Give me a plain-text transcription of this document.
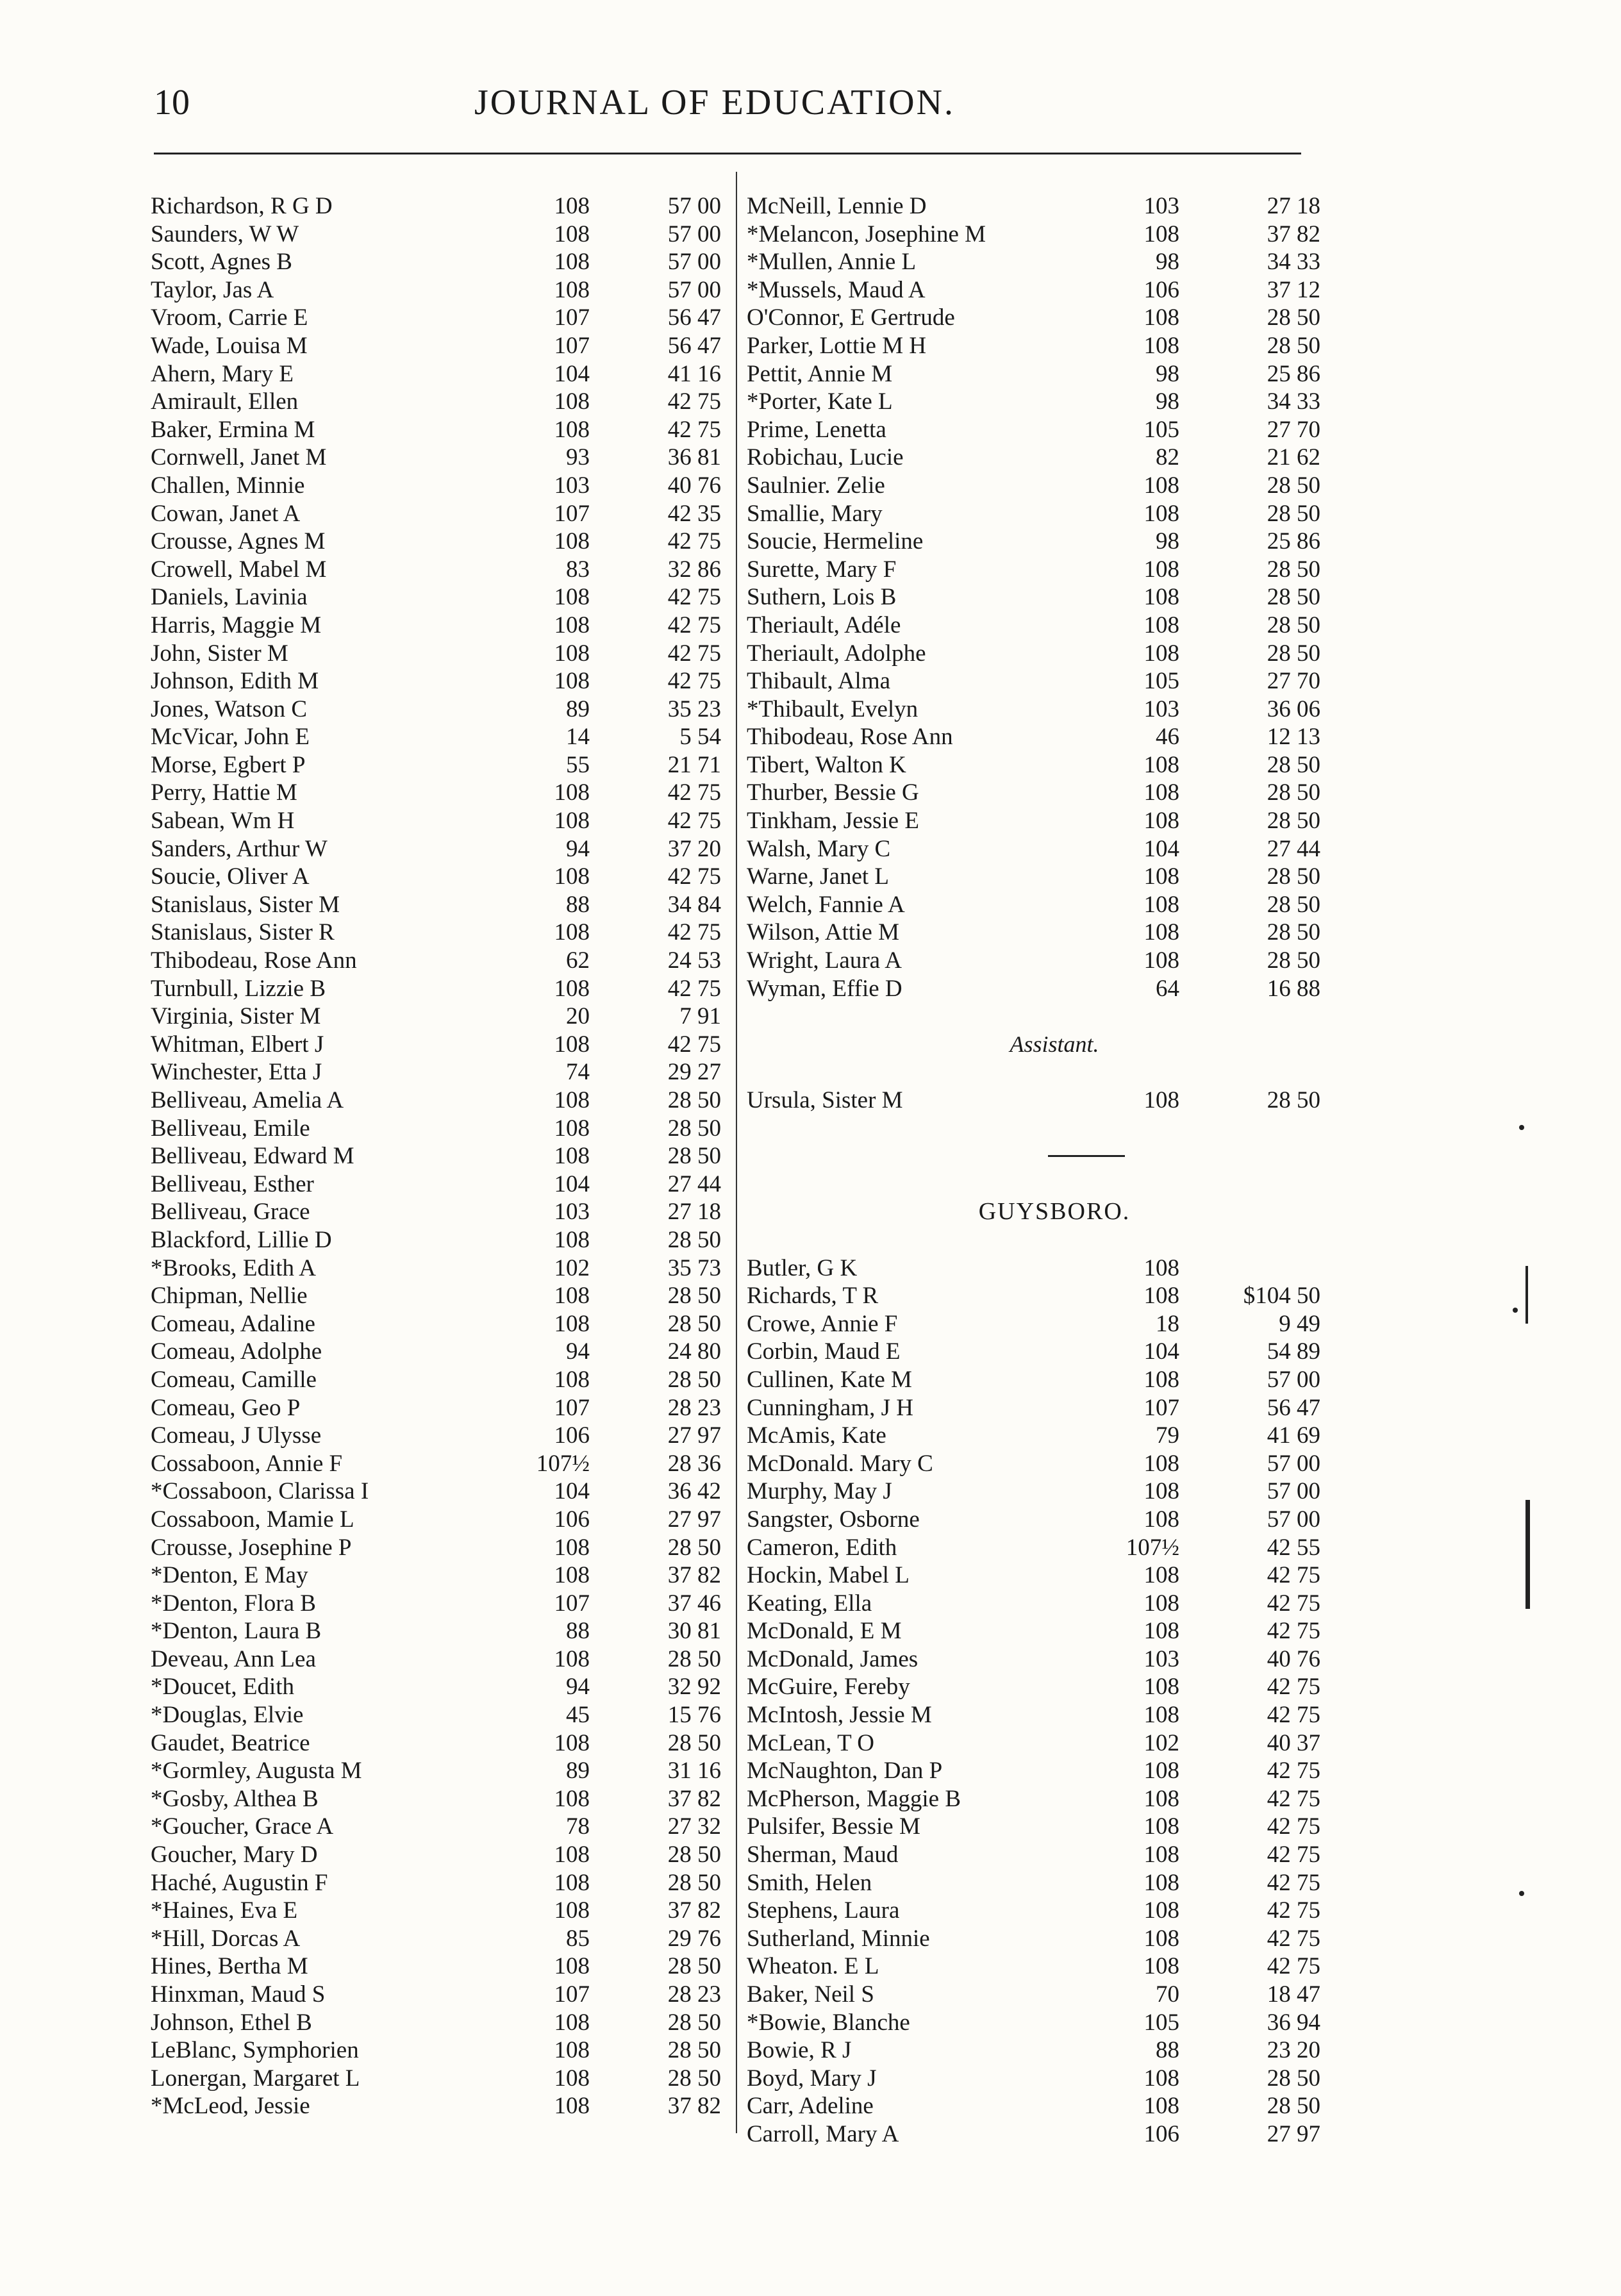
10	JOURNAL OF EDUCATION.
Richardson, R G D	108	57 00
Saunders, W W	108	57 00
Scott, Agnes B	108	57 00
Taylor, Jas A	108	57 00
Vroom, Carrie E	107	56 47
Wade, Louisa M	107	56 47
Ahern, Mary E	104	41 16
Amirault, Ellen	108	42 75
Baker, Ermina M	108	42 75
Cornwell, Janet M	93	36 81
Challen, Minnie	103	40 76
Cowan, Janet A	107	42 35
Crousse, Agnes M	108	42 75
Crowell, Mabel M	83	32 86
Daniels, Lavinia	108	42 75
Harris, Maggie M	108	42 75
John, Sister M	108	42 75
Johnson, Edith M	108	42 75
Jones, Watson C	89	35 23
McVicar, John E	14	5 54
Morse, Egbert P	55	21 71
Perry, Hattie M	108	42 75
Sabean, Wm H	108	42 75
Sanders, Arthur W	94	37 20
Soucie, Oliver A	108	42 75
Stanislaus, Sister M	88	34 84
Stanislaus, Sister R	108	42 75
Thibodeau, Rose Ann	62	24 53
Turnbull, Lizzie B	108	42 75
Virginia, Sister M	20	7 91
Whitman, Elbert J	108	42 75
Winchester, Etta J	74	29 27
Belliveau, Amelia A	108	28 50
Belliveau, Emile	108	28 50
Belliveau, Edward M	108	28 50
Belliveau, Esther	104	27 44
Belliveau, Grace	103	27 18
Blackford, Lillie D	108	28 50
*Brooks, Edith A	102	35 73
Chipman, Nellie	108	28 50
Comeau, Adaline	108	28 50
Comeau, Adolphe	94	24 80
Comeau, Camille	108	28 50
Comeau, Geo P	107	28 23
Comeau, J Ulysse	106	27 97
Cossaboon, Annie F	107½	28 36
*Cossaboon, Clarissa I	104	36 42
Cossaboon, Mamie L	106	27 97
Crousse, Josephine P	108	28 50
*Denton, E May	108	37 82
*Denton, Flora B	107	37 46
*Denton, Laura B	88	30 81
Deveau, Ann Lea	108	28 50
*Doucet, Edith	94	32 92
*Douglas, Elvie	45	15 76
Gaudet, Beatrice	108	28 50
*Gormley, Augusta M	89	31 16
*Gosby, Althea B	108	37 82
*Goucher, Grace A	78	27 32
Goucher, Mary D	108	28 50
Haché, Augustin F	108	28 50
*Haines, Eva E	108	37 82
*Hill, Dorcas A	85	29 76
Hines, Bertha M	108	28 50
Hinxman, Maud S	107	28 23
Johnson, Ethel B	108	28 50
LeBlanc, Symphorien	108	28 50
Lonergan, Margaret L	108	28 50
*McLeod, Jessie	108	37 82
McNeill, Lennie D	103	27 18
*Melancon, Josephine M	108	37 82
*Mullen, Annie L	98	34 33
*Mussels, Maud A	106	37 12
O'Connor, E Gertrude	108	28 50
Parker, Lottie M H	108	28 50
Pettit, Annie M	98	25 86
*Porter, Kate L	98	34 33
Prime, Lenetta	105	27 70
Robichau, Lucie	82	21 62
Saulnier. Zelie	108	28 50
Smallie, Mary	108	28 50
Soucie, Hermeline	98	25 86
Surette, Mary F	108	28 50
Suthern, Lois B	108	28 50
Theriault, Adéle	108	28 50
Theriault, Adolphe	108	28 50
Thibault, Alma	105	27 70
*Thibault, Evelyn	103	36 06
Thibodeau, Rose Ann	46	12 13
Tibert, Walton K	108	28 50
Thurber, Bessie G	108	28 50
Tinkham, Jessie E	108	28 50
Walsh, Mary C	104	27 44
Warne, Janet L	108	28 50
Welch, Fannie A	108	28 50
Wilson, Attie M	108	28 50
Wright, Laura A	108	28 50
Wyman, Effie D	64	16 88
Assistant.
Ursula, Sister M	108	28 50
GUYSBORO.
Butler, G K	108
Richards, T R	108	$104 50
Crowe, Annie F	18	9 49
Corbin, Maud E	104	54 89
Cullinen, Kate M	108	57 00
Cunningham, J H	107	56 47
McAmis, Kate	79	41 69
McDonald. Mary C	108	57 00
Murphy, May J	108	57 00
Sangster, Osborne	108	57 00
Cameron, Edith	107½	42 55
Hockin, Mabel L	108	42 75
Keating, Ella	108	42 75
McDonald, E M	108	42 75
McDonald, James	103	40 76
McGuire, Fereby	108	42 75
McIntosh, Jessie M	108	42 75
McLean, T O	102	40 37
McNaughton, Dan P	108	42 75
McPherson, Maggie B	108	42 75
Pulsifer, Bessie M	108	42 75
Sherman, Maud	108	42 75
Smith, Helen	108	42 75
Stephens, Laura	108	42 75
Sutherland, Minnie	108	42 75
Wheaton. E L	108	42 75
Baker, Neil S	70	18 47
*Bowie, Blanche	105	36 94
Bowie, R J	88	23 20
Boyd, Mary J	108	28 50
Carr, Adeline	108	28 50
Carroll, Mary A	106	27 97
